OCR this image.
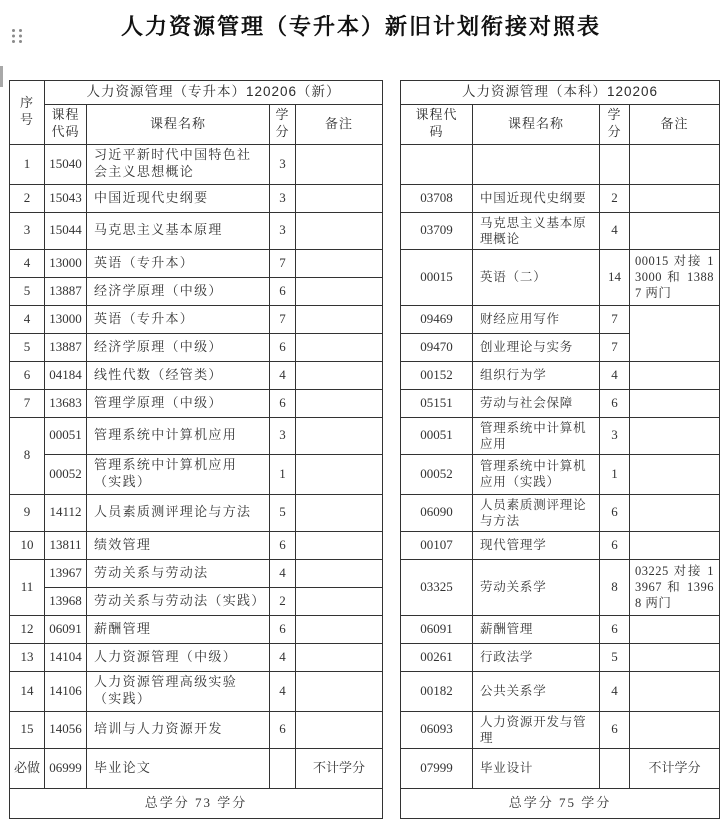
人力资源管理（专升本）新旧计划衔接对照表
序号	人力资源管理（专升本）120206（新）					人力资源管理（本科）120206			
	课程代码	课程名称	学分	备注		课程代码	课程名称	学分	备注
1	15040	习近平新时代中国特色社会主义思想概论	3						
2	15043	中国近现代史纲要	3			03708	中国近现代史纲要	2	
3	15044	马克思主义基本原理	3			03709	马克思主义基本原理概论	4	
4	13000	英语（专升本）	7			00015	英语（二）	14	00015 对接 13000 和 13887 两门
5	13887	经济学原理（中级）	6						
4	13000	英语（专升本）	7			09469	财经应用写作	7	
5	13887	经济学原理（中级）	6			09470	创业理论与实务	7	
6	04184	线性代数（经管类）	4			00152	组织行为学	4	
7	13683	管理学原理（中级）	6			05151	劳动与社会保障	6	
8	00051	管理系统中计算机应用	3			00051	管理系统中计算机应用	3	
	00052	管理系统中计算机应用（实践）	1			00052	管理系统中计算机应用（实践）	1	
9	14112	人员素质测评理论与方法	5			06090	人员素质测评理论与方法	6	
10	13811	绩效管理	6			00107	现代管理学	6	
11	13967	劳动关系与劳动法	4			03325	劳动关系学	8	03225 对接 13967 和 13968 两门
	13968	劳动关系与劳动法（实践）	2						
12	06091	薪酬管理	6			06091	薪酬管理	6	
13	14104	人力资源管理（中级）	4			00261	行政法学	5	
14	14106	人力资源管理高级实验（实践）	4			00182	公共关系学	4	
15	14056	培训与人力资源开发	6			06093	人力资源开发与管理	6	
必做	06999	毕业论文		不计学分		07999	毕业设计		不计学分
总学分 73 学分						总学分 75 学分			
